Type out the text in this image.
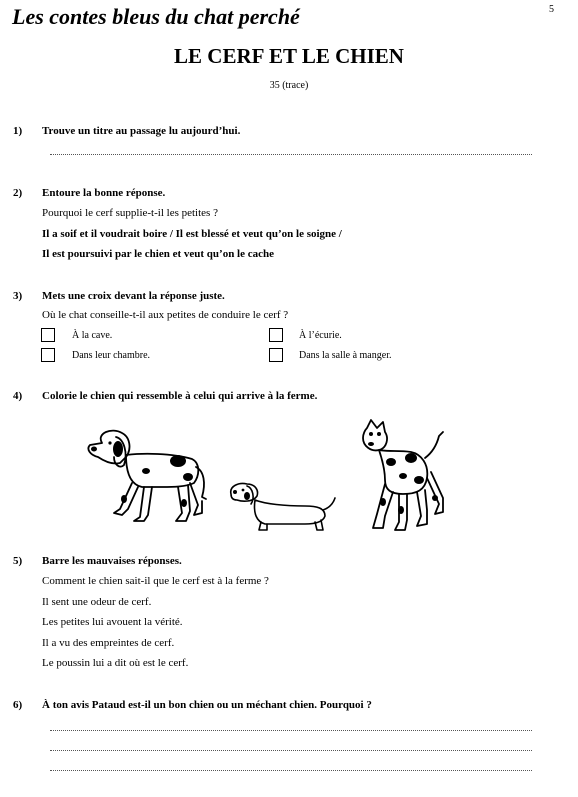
Les contes bleus du chat perché	5
LE CERF ET LE CHIEN
35 (trace)
1) Trouve un titre au passage lu aujourd’hui.
2) Entoure la bonne réponse.
Pourquoi le cerf supplie-t-il les petites ?
Il a soif et il voudrait boire / Il est blessé et veut qu’on le soigne /
Il est poursuivi par le chien et veut qu’on le cache
3) Mets une croix devant la réponse juste.
Où le chat conseille-t-il aux petites de conduire le cerf ?
À la cave.	À l’écurie.
Dans leur chambre.	Dans la salle à manger.
4) Colorie le chien qui ressemble à celui qui arrive à la ferme.
5) Barre les mauvaises réponses.
Comment le chien sait-il que le cerf est à la ferme ?
Il sent une odeur de cerf.
Les petites lui avouent la vérité.
Il a vu des empreintes de cerf.
Le poussin lui a dit où est le cerf.
6) À ton avis Pataud est-il un bon chien ou un méchant chien. Pourquoi ?
